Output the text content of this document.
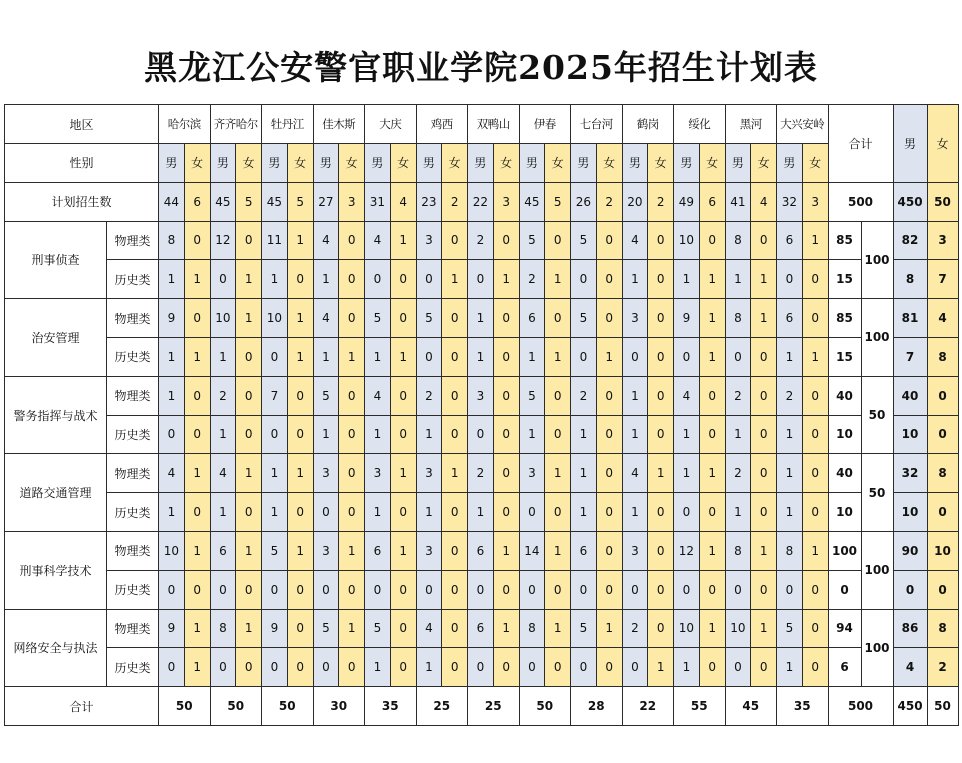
黑龙江公安警官职业学院2025年招生计划表
地区		哈尔滨		齐齐哈尔		牡丹江		佳木斯		大庆		鸡西		双鸭山		伊春		七台河		鹤岗		绥化		黑河		大兴安岭		合计		男	女
性别		男	女	男	女	男	女	男	女	男	女	男	女	男	女	男	女	男	女	男	女	男	女	男	女	男	女				
计划招生数		44	6	45	5	45	5	27	3	31	4	23	2	22	3	45	5	26	2	20	2	49	6	41	4	32	3	500		450	50
刑事侦查	物理类	8	0	12	0	11	1	4	0	4	1	3	0	2	0	5	0	5	0	4	0	10	0	8	0	6	1	85	100	82	3
	历史类	1	1	0	1	1	0	1	0	0	0	0	1	0	1	2	1	0	0	1	0	1	1	1	1	0	0	15		8	7
治安管理	物理类	9	0	10	1	10	1	4	0	5	0	5	0	1	0	6	0	5	0	3	0	9	1	8	1	6	0	85	100	81	4
	历史类	1	1	1	0	0	1	1	1	1	1	0	0	1	0	1	1	0	1	0	0	0	1	0	0	1	1	15		7	8
警务指挥与战术	物理类	1	0	2	0	7	0	5	0	4	0	2	0	3	0	5	0	2	0	1	0	4	0	2	0	2	0	40	50	40	0
	历史类	0	0	1	0	0	0	1	0	1	0	1	0	0	0	1	0	1	0	1	0	1	0	1	0	1	0	10		10	0
道路交通管理	物理类	4	1	4	1	1	1	3	0	3	1	3	1	2	0	3	1	1	0	4	1	1	1	2	0	1	0	40	50	32	8
	历史类	1	0	1	0	1	0	0	0	1	0	1	0	1	0	0	0	1	0	1	0	0	0	1	0	1	0	10		10	0
刑事科学技术	物理类	10	1	6	1	5	1	3	1	6	1	3	0	6	1	14	1	6	0	3	0	12	1	8	1	8	1	100	100	90	10
	历史类	0	0	0	0	0	0	0	0	0	0	0	0	0	0	0	0	0	0	0	0	0	0	0	0	0	0	0		0	0
网络安全与执法	物理类	9	1	8	1	9	0	5	1	5	0	4	0	6	1	8	1	5	1	2	0	10	1	10	1	5	0	94	100	86	8
	历史类	0	1	0	0	0	0	0	0	1	0	1	0	0	0	0	0	0	0	0	1	1	0	0	0	1	0	6		4	2
合计		50		50		50		30		35		25		25		50		28		22		55		45		35		500		450	50
